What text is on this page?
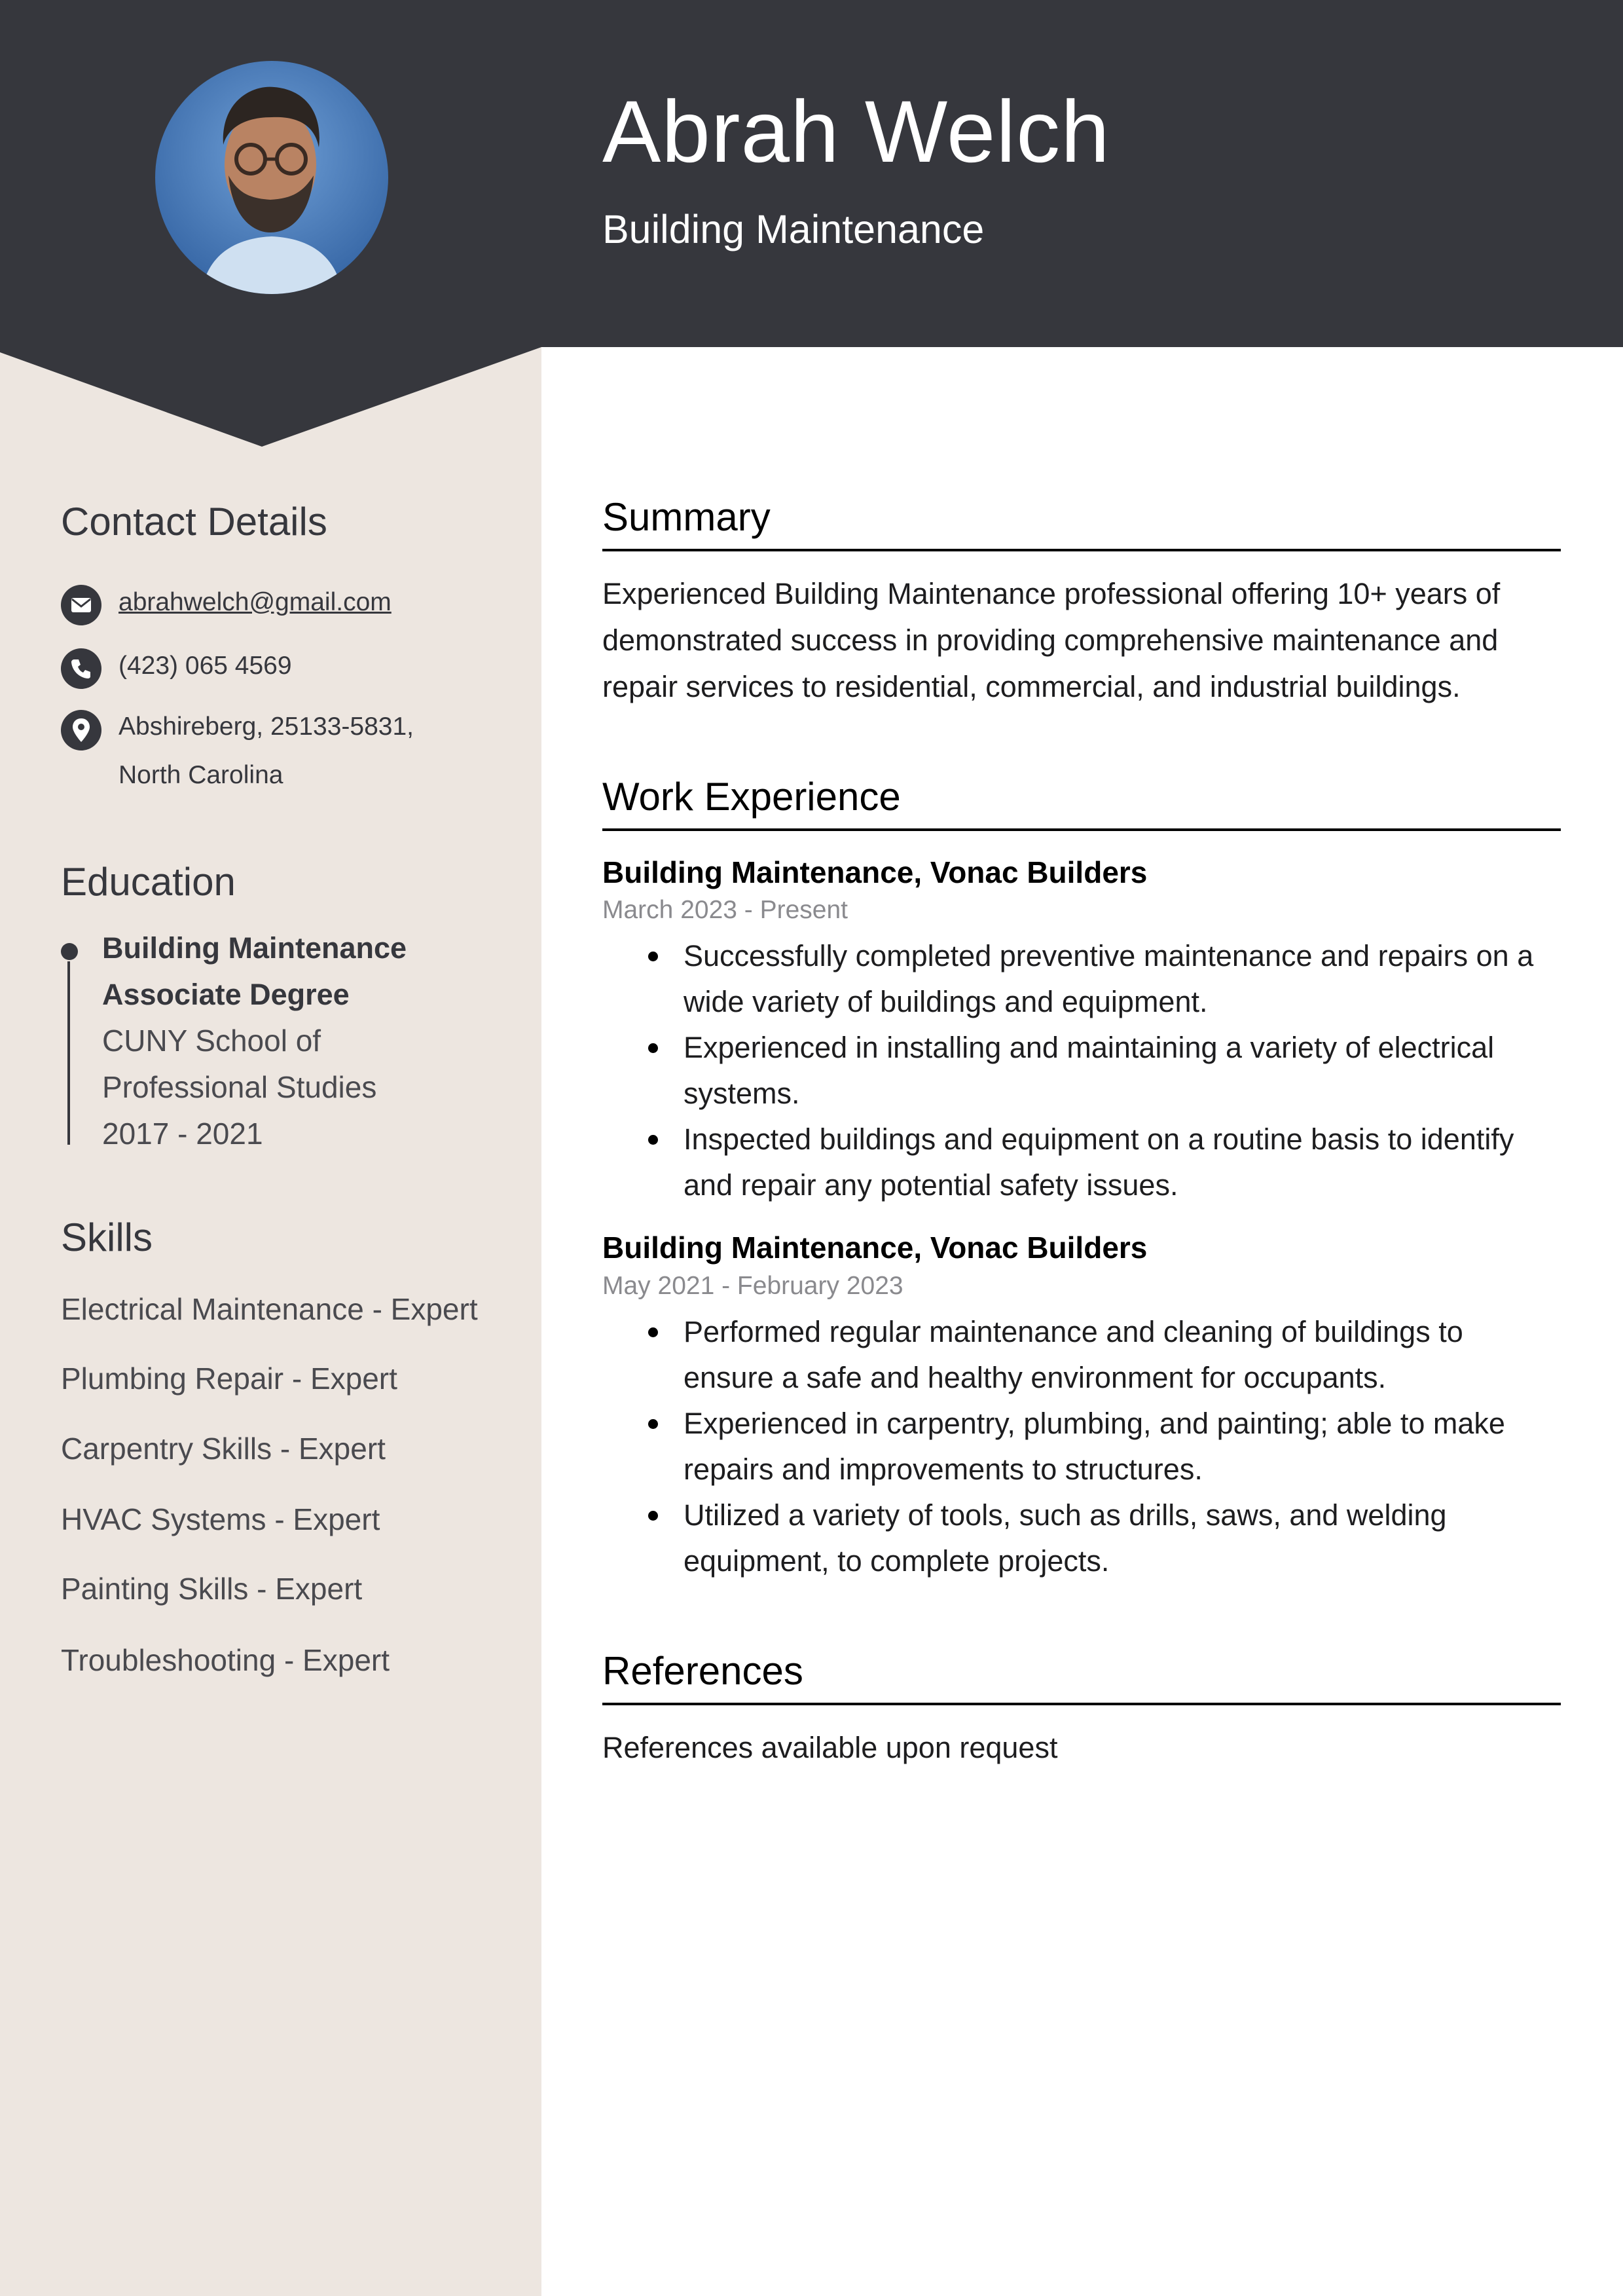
Abrah Welch
Building Maintenance
Contact Details
abrahwelch@gmail.com
(423) 065 4569
Abshireberg, 25133-5831,
North Carolina
Education
Building Maintenance
Associate Degree
CUNY School of
Professional Studies
2017 - 2021
Skills
Electrical Maintenance - Expert
Plumbing Repair - Expert
Carpentry Skills - Expert
HVAC Systems - Expert
Painting Skills - Expert
Troubleshooting - Expert
Summary
Experienced Building Maintenance professional offering 10+ years of demonstrated success in providing comprehensive maintenance and repair services to residential, commercial, and industrial buildings.
Work Experience
Building Maintenance, Vonac Builders
March 2023 - Present
Successfully completed preventive maintenance and repairs on a wide variety of buildings and equipment.
Experienced in installing and maintaining a variety of electrical systems.
Inspected buildings and equipment on a routine basis to identify and repair any potential safety issues.
Building Maintenance, Vonac Builders
May 2021 - February 2023
Performed regular maintenance and cleaning of buildings to ensure a safe and healthy environment for occupants.
Experienced in carpentry, plumbing, and painting; able to make repairs and improvements to structures.
Utilized a variety of tools, such as drills, saws, and welding equipment, to complete projects.
References
References available upon request
